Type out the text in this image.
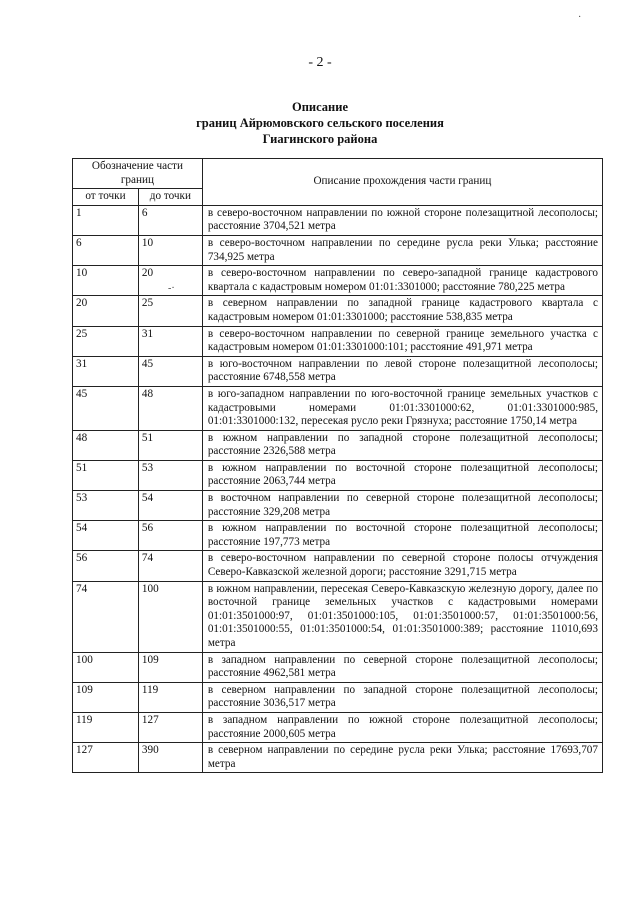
- 2 -
Описание
границ Айрюмовского сельского поселения
Гиагинского района
·
-·
Обозначение части границ		Описание прохождения части границ
от точки	до точки	
1	6	в северо-восточном направлении по южной стороне полезащитной лесополосы; расстояние 3704,521 метра
6	10	в северо-восточном направлении по середине русла реки Улька; расстояние 734,925 метра
10	20	в северо-восточном направлении по северо-западной границе кадастрового квартала с кадастровым номером 01:01:3301000; расстояние 780,225 метра
20	25	в северном направлении по западной границе кадастрового квартала с кадастровым номером 01:01:3301000; расстояние 538,835 метра
25	31	в северо-восточном направлении по северной границе земельного участка с кадастровым номером 01:01:3301000:101; расстояние 491,971 метра
31	45	в юго-восточном направлении по левой стороне полезащитной лесополосы; расстояние 6748,558 метра
45	48	в юго-западном направлении по юго-восточной границе земельных участков с кадастровыми номерами 01:01:3301000:62, 01:01:3301000:985, 01:01:3301000:132, пересекая русло реки Грязнуха; расстояние 1750,14 метра
48	51	в южном направлении по западной стороне полезащитной лесополосы; расстояние 2326,588 метра
51	53	в южном направлении по восточной стороне полезащитной лесополосы; расстояние 2063,744 метра
53	54	в восточном направлении по северной стороне полезащитной лесополосы; расстояние 329,208 метра
54	56	в южном направлении по восточной стороне полезащитной лесополосы; расстояние 197,773 метра
56	74	в северо-восточном направлении по северной стороне полосы отчуждения Северо-Кавказской железной дороги; расстояние 3291,715 метра
74	100	в южном направлении, пересекая Северо-Кавказскую железную дорогу, далее по восточной границе земельных участков с кадастровыми номерами 01:01:3501000:97, 01:01:3501000:105, 01:01:3501000:57, 01:01:3501000:56, 01:01:3501000:55, 01:01:3501000:54, 01:01:3501000:389; расстояние 11010,693 метра
100	109	в западном направлении по северной стороне полезащитной лесополосы; расстояние 4962,581 метра
109	119	в северном направлении по западной стороне полезащитной лесополосы; расстояние 3036,517 метра
119	127	в западном направлении по южной стороне полезащитной лесополосы; расстояние 2000,605 метра
127	390	в северном направлении по середине русла реки Улька; расстояние 17693,707 метра
